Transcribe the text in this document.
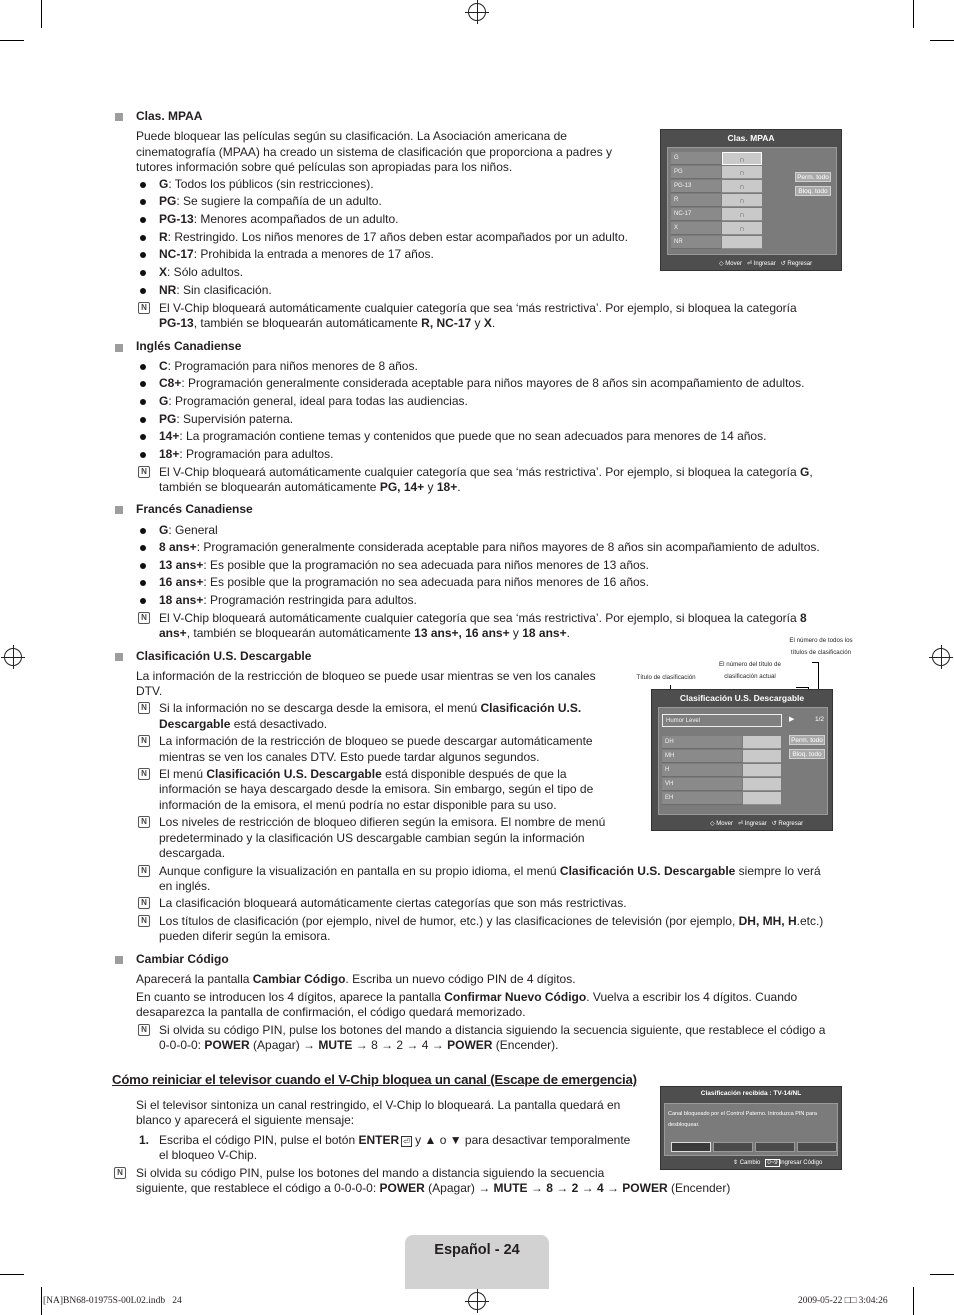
Clas. MPAA
Puede bloquear las películas según su clasificación. La Asociación americana de
cinematografía (MPAA) ha creado un sistema de clasificación que proporciona a padres y
tutores información sobre qué películas son apropiadas para los niños.
G: Todos los públicos (sin restricciones).
PG: Se sugiere la compañía de un adulto.
PG-13: Menores acompañados de un adulto.
R: Restringido. Los niños menores de 17 años deben estar acompañados por un adulto.
NC-17: Prohibida la entrada a menores de 17 años.
X: Sólo adultos.
NR: Sin clasificación.
N El V-Chip bloqueará automáticamente cualquier categoría que sea ‘más restrictiva’. Por ejemplo, si bloquea la categoría
PG-13, también se bloquearán automáticamente R, NC-17 y X.
Clas. MPAA
G	∩
PG	∩
PG-13	∩
R	∩
NC-17	∩
X	∩
NR
Perm. todo
Bloq. todo
◇ Mover ⏎ Ingresar ↺ Regresar
Inglés Canadiense
C: Programación para niños menores de 8 años.
C8+: Programación generalmente considerada aceptable para niños mayores de 8 años sin acompañamiento de adultos.
G: Programación general, ideal para todas las audiencias.
PG: Supervisión paterna.
14+: La programación contiene temas y contenidos que puede que no sean adecuados para menores de 14 años.
18+: Programación para adultos.
N El V-Chip bloqueará automáticamente cualquier categoría que sea ‘más restrictiva’. Por ejemplo, si bloquea la categoría G,
también se bloquearán automáticamente PG, 14+ y 18+.
Francés Canadiense
G: General
8 ans+: Programación generalmente considerada aceptable para niños mayores de 8 años sin acompañamiento de adultos.
13 ans+: Es posible que la programación no sea adecuada para niños menores de 13 años.
16 ans+: Es posible que la programación no sea adecuada para niños menores de 16 años.
18 ans+: Programación restringida para adultos.
N El V-Chip bloqueará automáticamente cualquier categoría que sea ‘más restrictiva’. Por ejemplo, si bloquea la categoría 8
ans+, también se bloquearán automáticamente 13 ans+, 16 ans+ y 18 ans+.
Clasificación U.S. Descargable
La información de la restricción de bloqueo se puede usar mientras se ven los canales
DTV.
N Si la información no se descarga desde la emisora, el menú Clasificación U.S.
Descargable está desactivado.
N La información de la restricción de bloqueo se puede descargar automáticamente
mientras se ven los canales DTV. Esto puede tardar algunos segundos.
N El menú Clasificación U.S. Descargable está disponible después de que la
información se haya descargado desde la emisora. Sin embargo, según el tipo de
información de la emisora, el menú podría no estar disponible para su uso.
N Los niveles de restricción de bloqueo difieren según la emisora. El nombre de menú
predeterminado y la clasificación US descargable cambian según la información
descargada.
N Aunque configure la visualización en pantalla en su propio idioma, el menú Clasificación U.S. Descargable siempre lo verá
en inglés.
N La clasificación bloqueará automáticamente ciertas categorías que son más restrictivas.
N Los títulos de clasificación (por ejemplo, nivel de humor, etc.) y las clasificaciones de televisión (por ejemplo, DH, MH, H.etc.)
pueden diferir según la emisora.
Título de clasificación
El número del título de
clasificación actual
El número de todos los
títulos de clasificación
Clasificación U.S. Descargable
Humor Level	▶	1/2
DH
MH
H
VH
EH
Perm. todo
Bloq. todo
◇ Mover ⏎ Ingresar ↺ Regresar
Cambiar Código
Aparecerá la pantalla Cambiar Código. Escriba un nuevo código PIN de 4 dígitos.
En cuanto se introducen los 4 dígitos, aparece la pantalla Confirmar Nuevo Código. Vuelva a escribir los 4 dígitos. Cuando
desaparezca la pantalla de confirmación, el código quedará memorizado.
N Si olvida su código PIN, pulse los botones del mando a distancia siguiendo la secuencia siguiente, que restablece el código a
0-0-0-0: POWER (Apagar) → MUTE → 8 → 2 → 4 → POWER (Encender).
Cómo reiniciar el televisor cuando el V-Chip bloquea un canal (Escape de emergencia)
Si el televisor sintoniza un canal restringido, el V-Chip lo bloqueará. La pantalla quedará en
blanco y aparecerá el siguiente mensaje:
1. Escriba el código PIN, pulse el botón ENTER ⏎ y ▲ o ▼ para desactivar temporalmente
el bloqueo V-Chip.
N Si olvida su código PIN, pulse los botones del mando a distancia siguiendo la secuencia
siguiente, que restablece el código a 0-0-0-0: POWER (Apagar) → MUTE → 8 → 2 → 4 → POWER (Encender)
Clasificación recibida : TV-14/NL
Canal bloqueado por el Control Paterno. Introduzca PIN para
desbloquear.
⇕ Cambio 0~9 Ingresar Código
Español - 24
[NA]BN68-01975S-00L02.indb   24	2009-05-22 □□ 3:04:26
